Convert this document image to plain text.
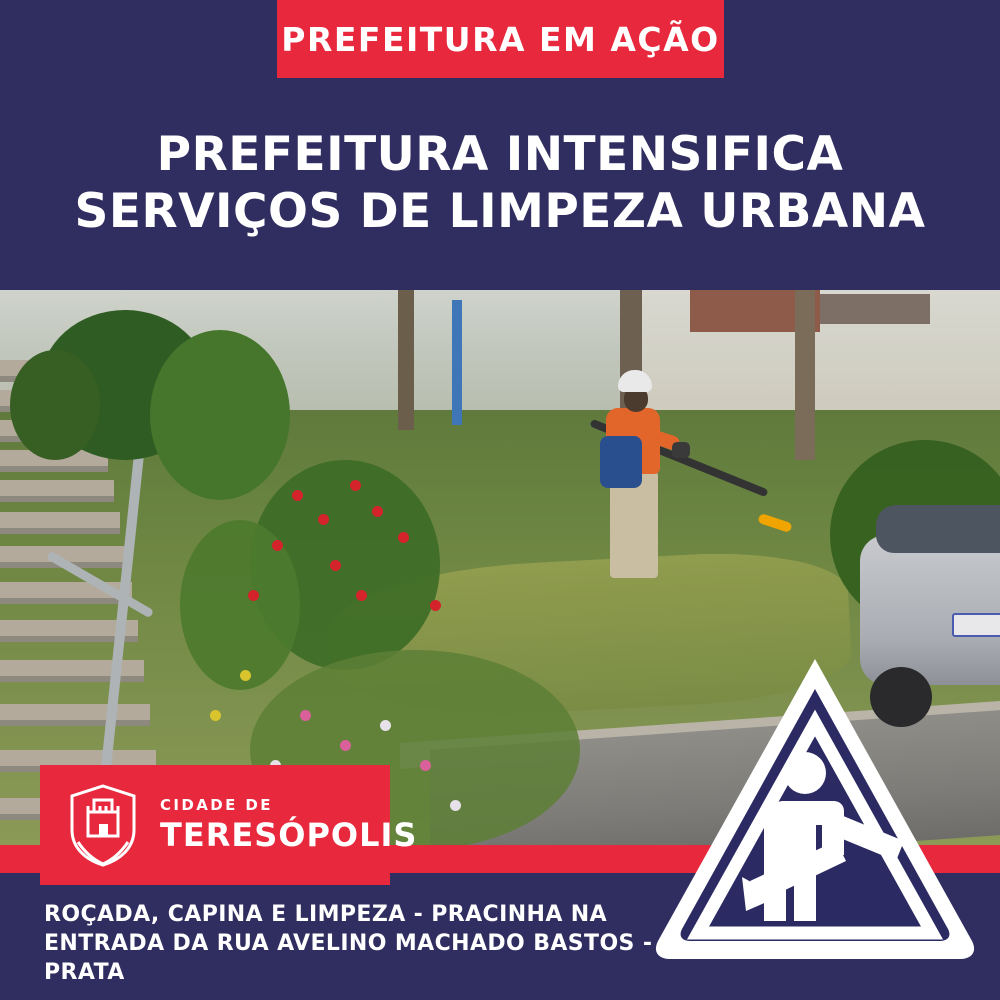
PREFEITURA EM AÇÃO
PREFEITURA INTENSIFICA
SERVIÇOS DE LIMPEZA URBANA
CIDADE DE
TERESÓPOLIS
ROÇADA, CAPINA E LIMPEZA - PRACINHA NA ENTRADA DA RUA AVELINO MACHADO BASTOS - PRATA
